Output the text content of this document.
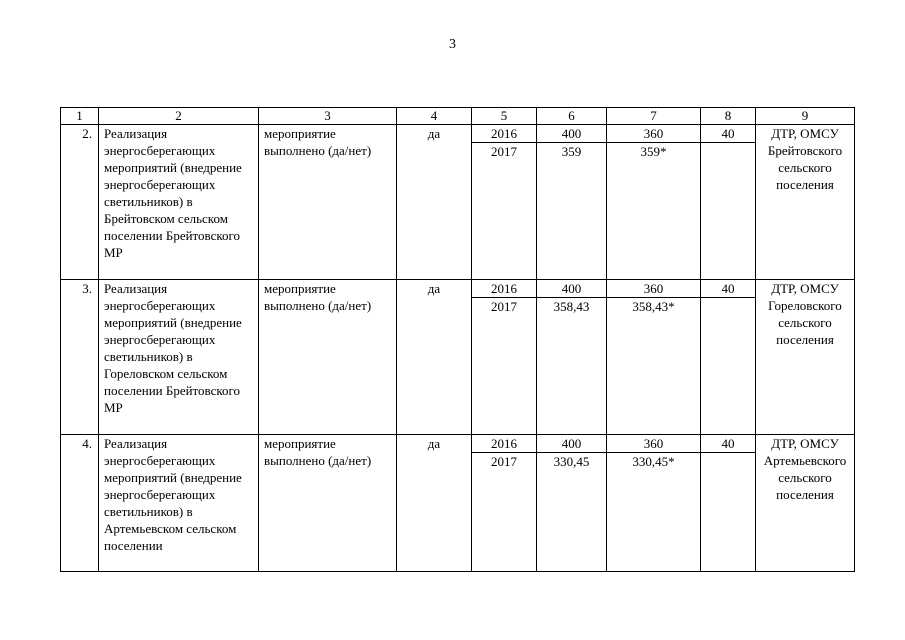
3
1	2	3	4	5	6	7	8	9
2.	Реализация энергосберегающих мероприятий (внедрение энергосберегающих светильников) в Брейтовском сельском поселении Брейтовского МР	мероприятие выполнено (да/нет)	да	2016	400	360	40	ДТР, ОМСУ Брейтовского сельского поселения
				2017	359	359*		
3.	Реализация энергосберегающих мероприятий (внедрение энергосберегающих светильников) в Гореловском сельском поселении Брейтовского МР	мероприятие выполнено (да/нет)	да	2016	400	360	40	ДТР, ОМСУ Гореловского сельского поселения
				2017	358,43	358,43*		
4.	Реализация энергосберегающих мероприятий (внедрение энергосберегающих светильников) в Артемьевском сельском поселении	мероприятие выполнено (да/нет)	да	2016	400	360	40	ДТР, ОМСУ Артемьевского сельского поселения
				2017	330,45	330,45*		
